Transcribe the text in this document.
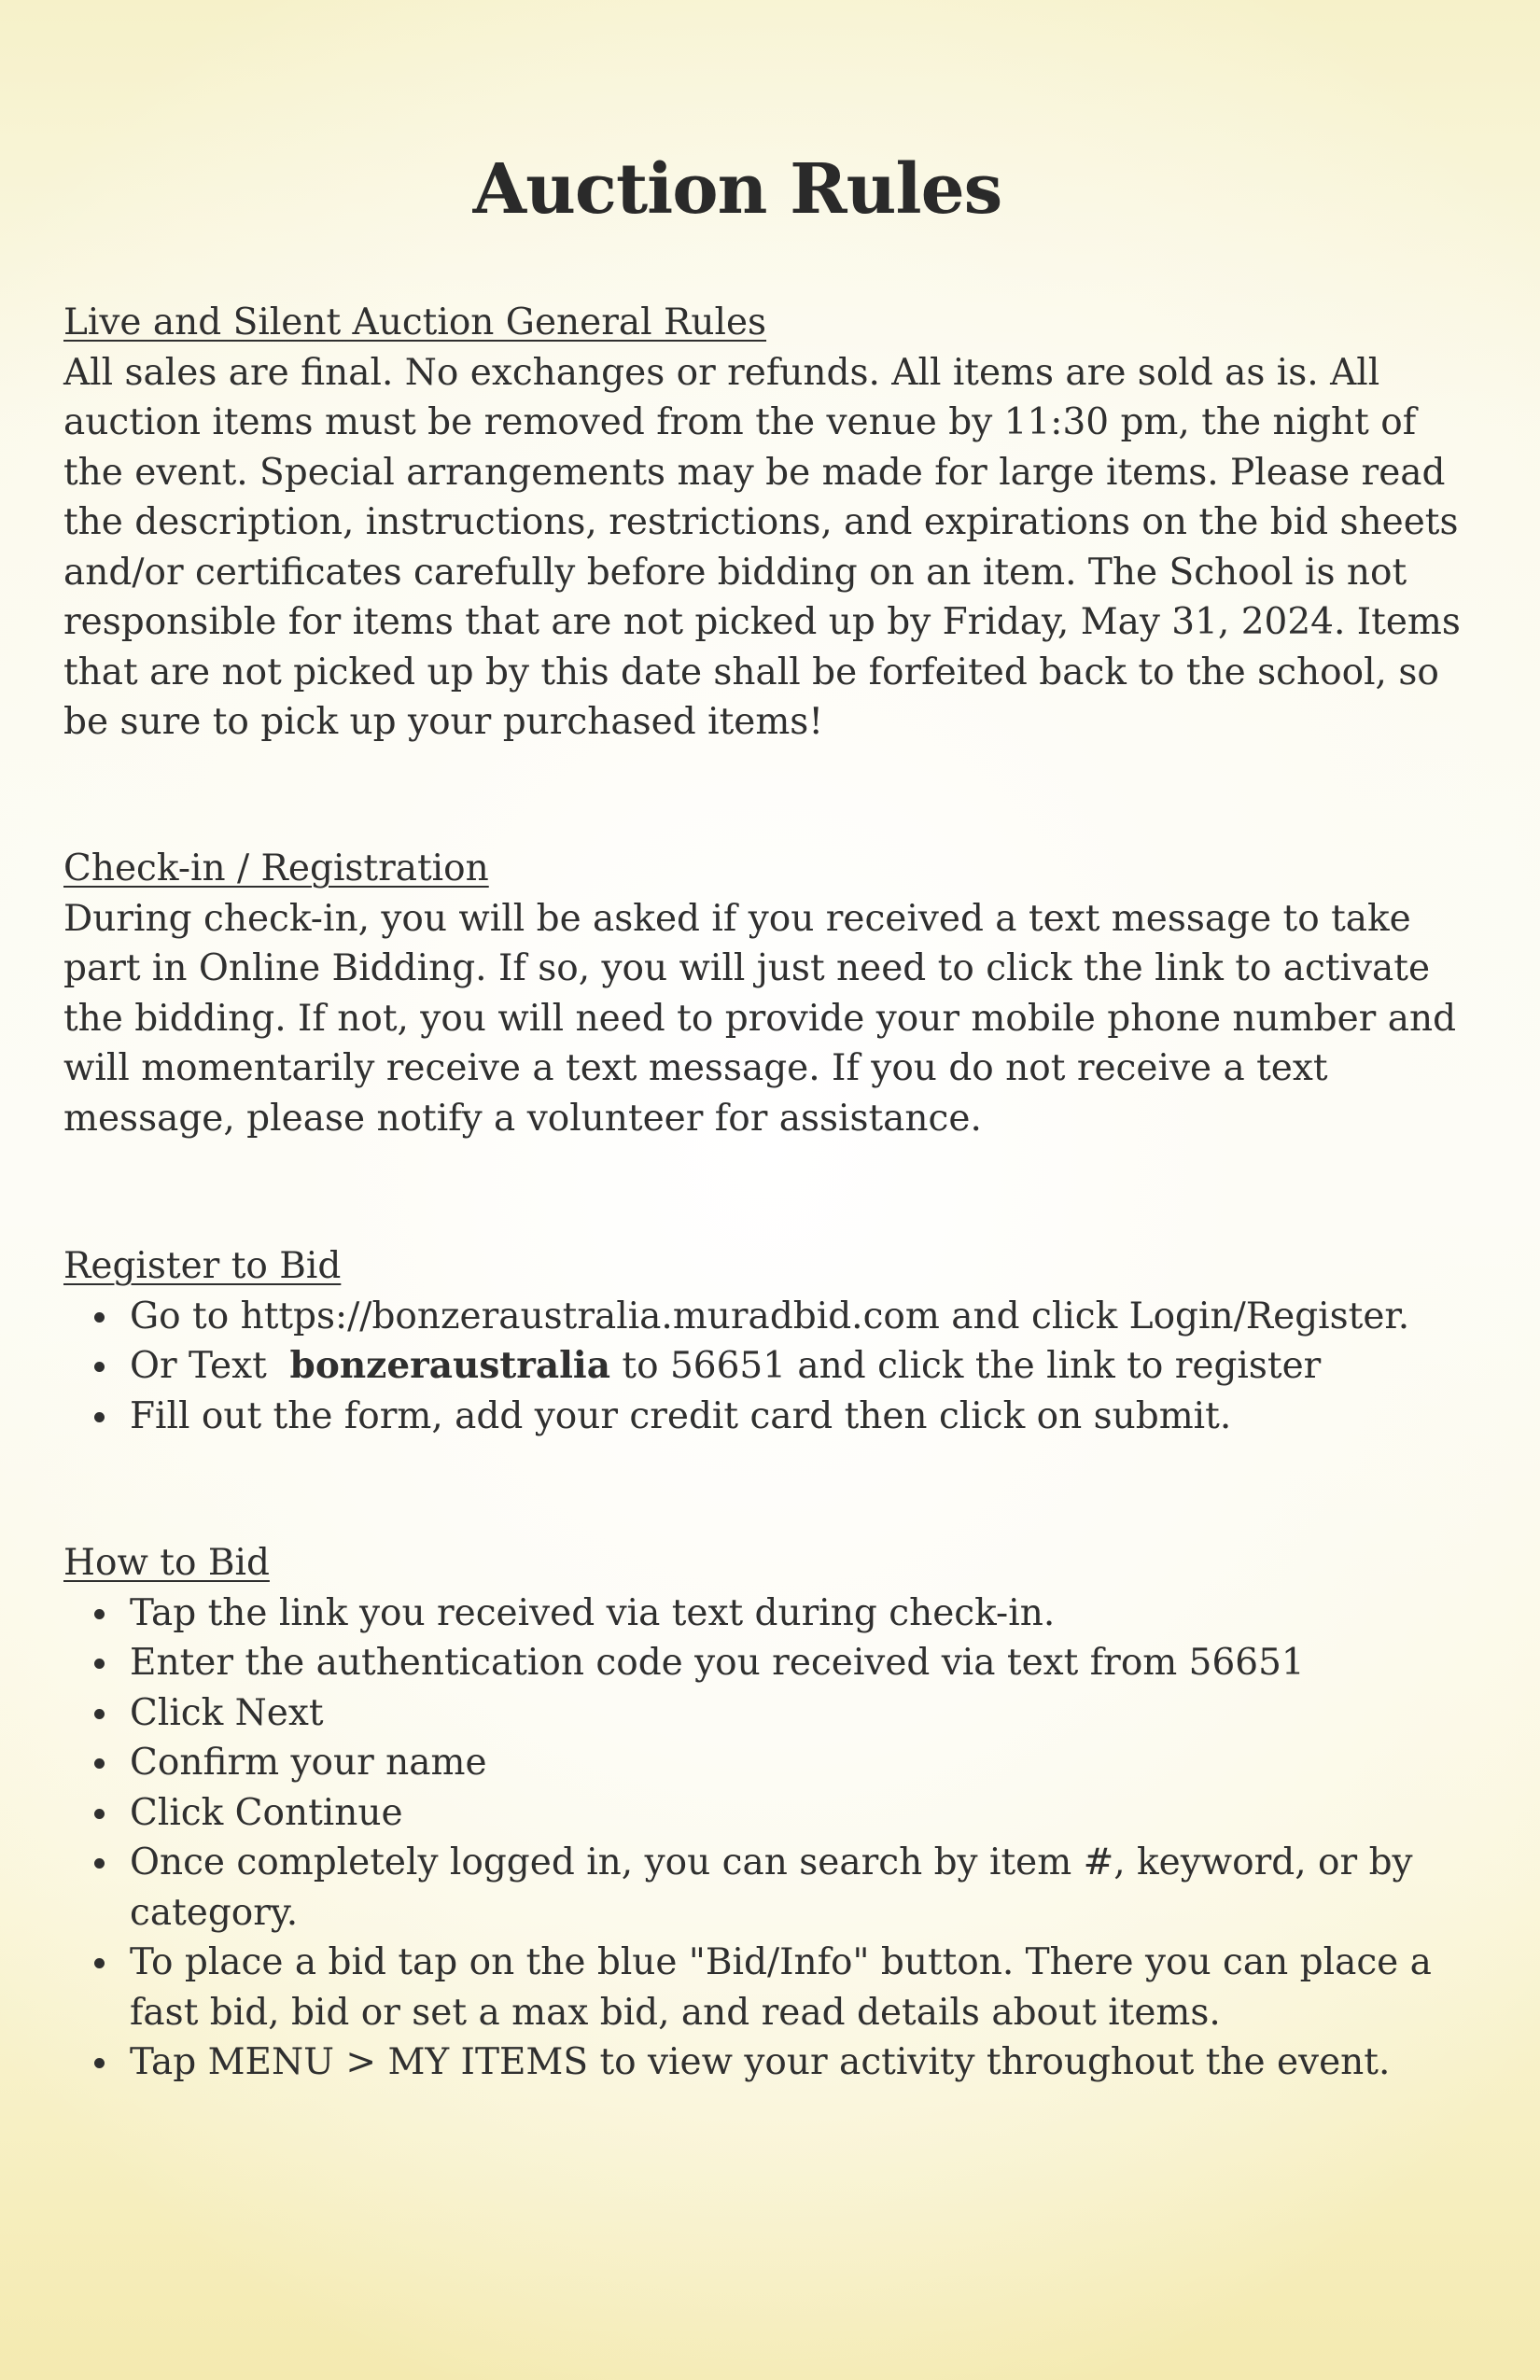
Auction Rules
Live and Silent Auction General Rules

All sales are final. No exchanges or refunds. All items are sold as is. All auction items must be removed from the venue by 11:30 pm, the night of the event. Special arrangements may be made for large items. Please read the description, instructions, restrictions, and expirations on the bid sheets and/or certificates carefully before bidding on an item. The School is not responsible for items that are not picked up by Friday, May 31, 2024. Items that are not picked up by this date shall be forfeited back to the school, so be sure to pick up your purchased items!

Check-in / Registration

During check-in, you will be asked if you received a text message to take part in Online Bidding. If so, you will just need to click the link to activate the bidding. If not, you will need to provide your mobile phone number and will momentarily receive a text message. If you do not receive a text message, please notify a volunteer for assistance.

Register to Bid
Go to https://bonzeraustralia.muradbid.com and click Login/Register.
Or Text bonzeraustralia to 56651 and click the link to register
Fill out the form, add your credit card then click on submit.
How to Bid
Tap the link you received via text during check-in.
Enter the authentication code you received via text from 56651
Click Next
Confirm your name
Click Continue
Once completely logged in, you can search by item #, keyword, or by category.
To place a bid tap on the blue "Bid/Info" button. There you can place a fast bid, bid or set a max bid, and read details about items.
Tap MENU > MY ITEMS to view your activity throughout the event.
